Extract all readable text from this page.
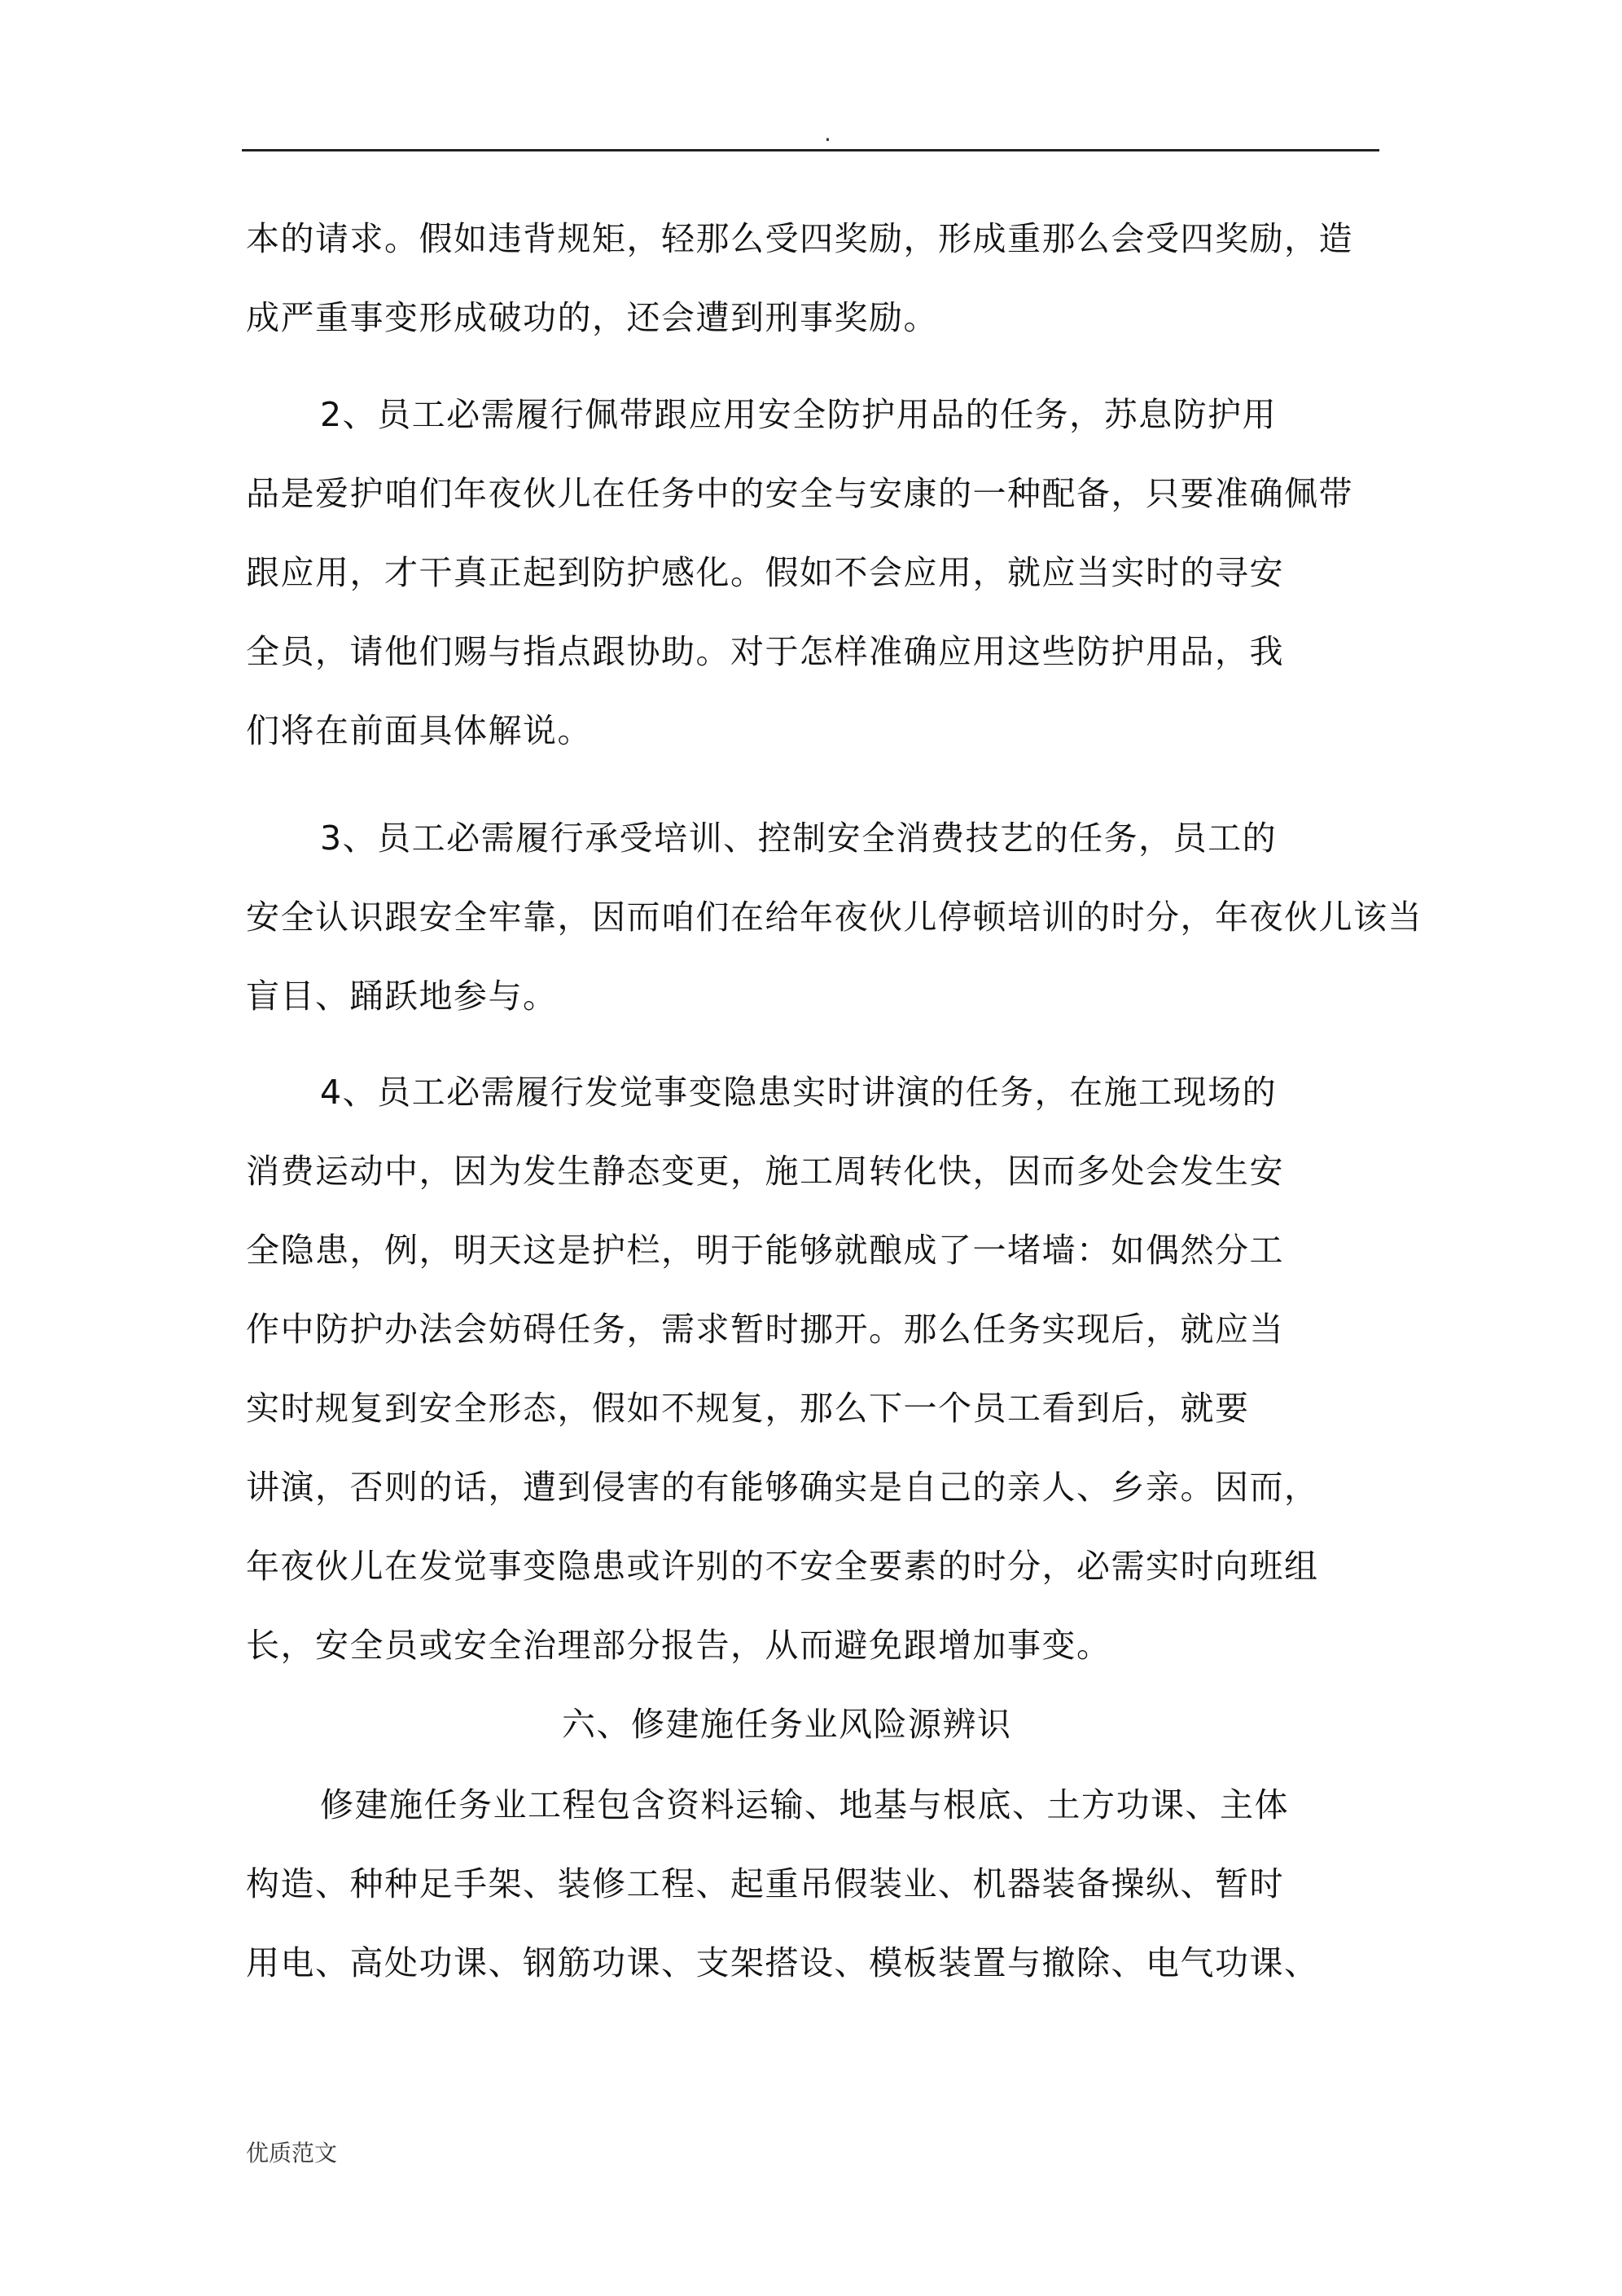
.
本的请求。假如违背规矩，轻那么受四奖励，形成重那么会受四奖励，造
成严重事变形成破功的，还会遭到刑事奖励。
2、员工必需履行佩带跟应用安全防护用品的任务，苏息防护用
品是爱护咱们年夜伙儿在任务中的安全与安康的一种配备，只要准确佩带
跟应用，才干真正起到防护感化。假如不会应用，就应当实时的寻安
全员，请他们赐与指点跟协助。对于怎样准确应用这些防护用品，我
们将在前面具体解说。
3、员工必需履行承受培训、控制安全消费技艺的任务，员工的
安全认识跟安全牢靠，因而咱们在给年夜伙儿停顿培训的时分，年夜伙儿该当
盲目、踊跃地参与。
4、员工必需履行发觉事变隐患实时讲演的任务，在施工现场的
消费运动中，因为发生静态变更，施工周转化快，因而多处会发生安
全隐患，例，明天这是护栏，明于能够就酿成了一堵墙：如偶然分工
作中防护办法会妨碍任务，需求暂时挪开。那么任务实现后，就应当
实时规复到安全形态，假如不规复，那么下一个员工看到后，就要
讲演，否则的话，遭到侵害的有能够确实是自己的亲人、乡亲。因而，
年夜伙儿在发觉事变隐患或许别的不安全要素的时分，必需实时向班组
长，安全员或安全治理部分报告，从而避免跟增加事变。
六、修建施任务业风险源辨识
修建施任务业工程包含资料运输、地基与根底、土方功课、主体
构造、种种足手架、装修工程、起重吊假装业、机器装备操纵、暂时
用电、高处功课、钢筋功课、支架搭设、模板装置与撤除、电气功课、
优质范文
